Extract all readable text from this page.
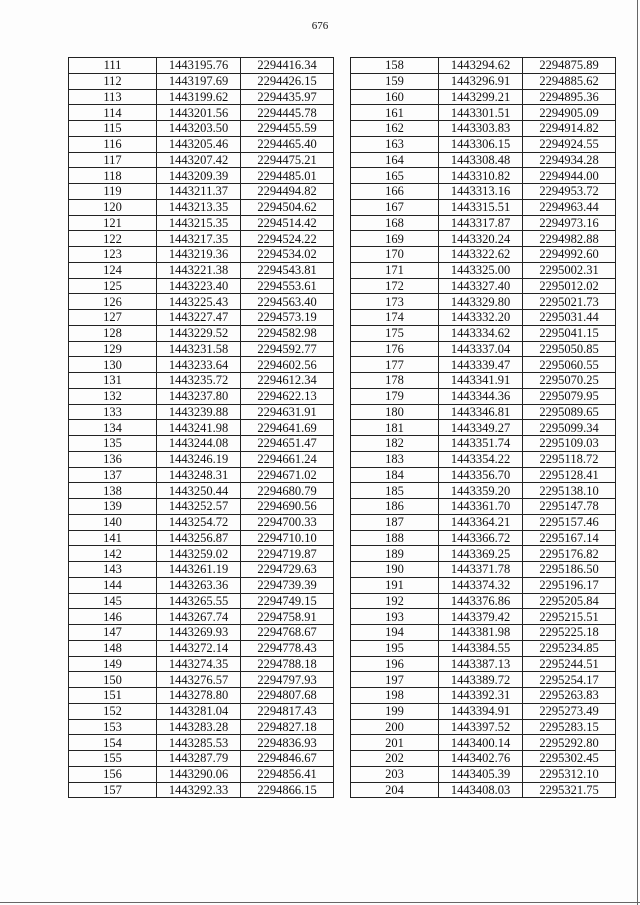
676
111	1443195.76	2294416.34
112	1443197.69	2294426.15
113	1443199.62	2294435.97
114	1443201.56	2294445.78
115	1443203.50	2294455.59
116	1443205.46	2294465.40
117	1443207.42	2294475.21
118	1443209.39	2294485.01
119	1443211.37	2294494.82
120	1443213.35	2294504.62
121	1443215.35	2294514.42
122	1443217.35	2294524.22
123	1443219.36	2294534.02
124	1443221.38	2294543.81
125	1443223.40	2294553.61
126	1443225.43	2294563.40
127	1443227.47	2294573.19
128	1443229.52	2294582.98
129	1443231.58	2294592.77
130	1443233.64	2294602.56
131	1443235.72	2294612.34
132	1443237.80	2294622.13
133	1443239.88	2294631.91
134	1443241.98	2294641.69
135	1443244.08	2294651.47
136	1443246.19	2294661.24
137	1443248.31	2294671.02
138	1443250.44	2294680.79
139	1443252.57	2294690.56
140	1443254.72	2294700.33
141	1443256.87	2294710.10
142	1443259.02	2294719.87
143	1443261.19	2294729.63
144	1443263.36	2294739.39
145	1443265.55	2294749.15
146	1443267.74	2294758.91
147	1443269.93	2294768.67
148	1443272.14	2294778.43
149	1443274.35	2294788.18
150	1443276.57	2294797.93
151	1443278.80	2294807.68
152	1443281.04	2294817.43
153	1443283.28	2294827.18
154	1443285.53	2294836.93
155	1443287.79	2294846.67
156	1443290.06	2294856.41
157	1443292.33	2294866.15
158	1443294.62	2294875.89
159	1443296.91	2294885.62
160	1443299.21	2294895.36
161	1443301.51	2294905.09
162	1443303.83	2294914.82
163	1443306.15	2294924.55
164	1443308.48	2294934.28
165	1443310.82	2294944.00
166	1443313.16	2294953.72
167	1443315.51	2294963.44
168	1443317.87	2294973.16
169	1443320.24	2294982.88
170	1443322.62	2294992.60
171	1443325.00	2295002.31
172	1443327.40	2295012.02
173	1443329.80	2295021.73
174	1443332.20	2295031.44
175	1443334.62	2295041.15
176	1443337.04	2295050.85
177	1443339.47	2295060.55
178	1443341.91	2295070.25
179	1443344.36	2295079.95
180	1443346.81	2295089.65
181	1443349.27	2295099.34
182	1443351.74	2295109.03
183	1443354.22	2295118.72
184	1443356.70	2295128.41
185	1443359.20	2295138.10
186	1443361.70	2295147.78
187	1443364.21	2295157.46
188	1443366.72	2295167.14
189	1443369.25	2295176.82
190	1443371.78	2295186.50
191	1443374.32	2295196.17
192	1443376.86	2295205.84
193	1443379.42	2295215.51
194	1443381.98	2295225.18
195	1443384.55	2295234.85
196	1443387.13	2295244.51
197	1443389.72	2295254.17
198	1443392.31	2295263.83
199	1443394.91	2295273.49
200	1443397.52	2295283.15
201	1443400.14	2295292.80
202	1443402.76	2295302.45
203	1443405.39	2295312.10
204	1443408.03	2295321.75
